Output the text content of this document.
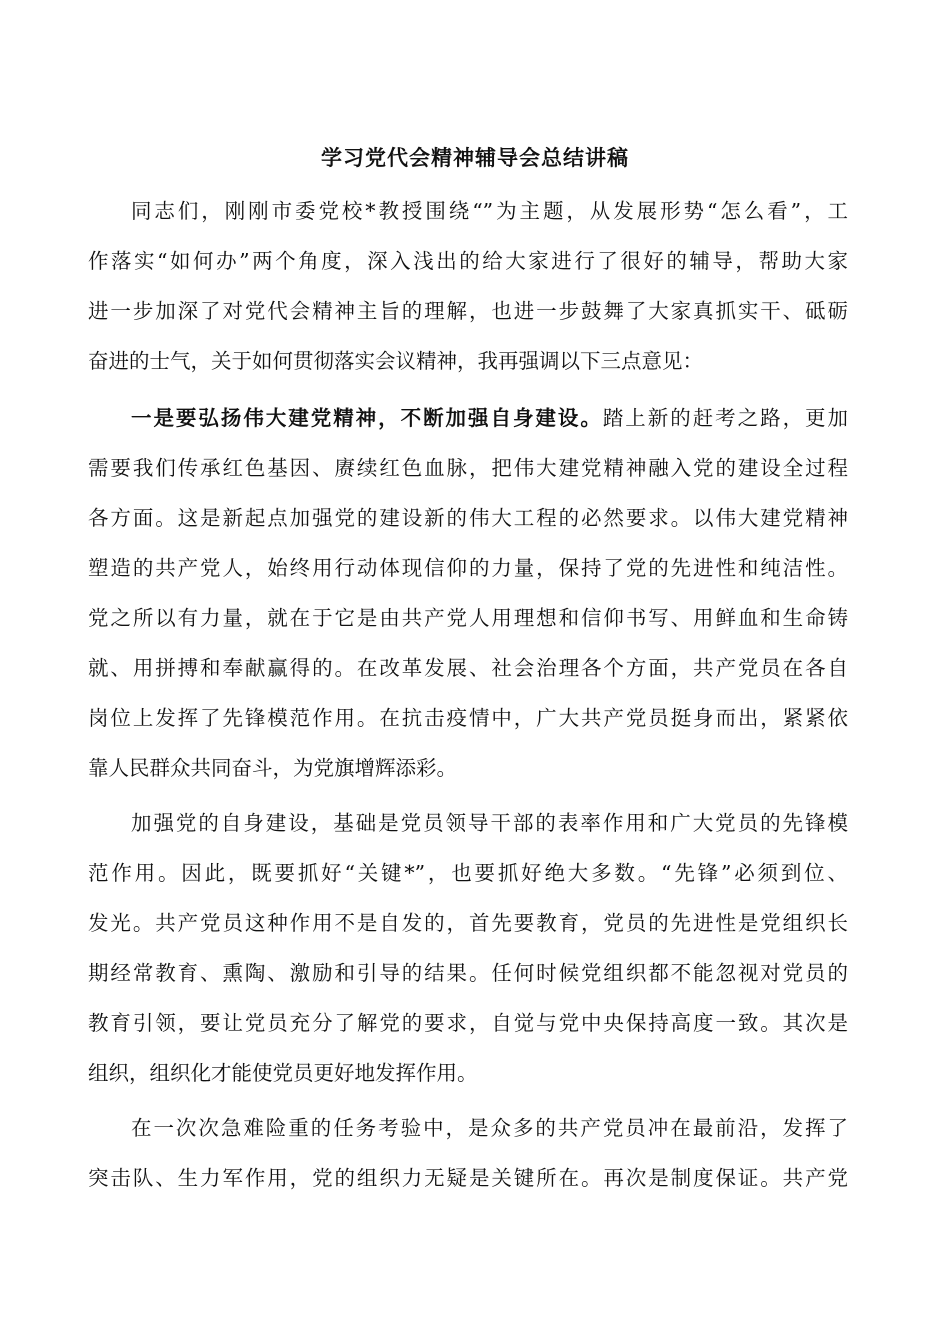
学习党代会精神辅导会总结讲稿
同志们，刚刚市委党校*教授围绕“”为主题，从发展形势“怎么看”，工
作落实“如何办”两个角度，深入浅出的给大家进行了很好的辅导，帮助大家
进一步加深了对党代会精神主旨的理解，也进一步鼓舞了大家真抓实干、砥砺
奋进的士气，关于如何贯彻落实会议精神，我再强调以下三点意见：
一是要弘扬伟大建党精神，不断加强自身建设。踏上新的赶考之路，更加
需要我们传承红色基因、赓续红色血脉，把伟大建党精神融入党的建设全过程
各方面。这是新起点加强党的建设新的伟大工程的必然要求。以伟大建党精神
塑造的共产党人，始终用行动体现信仰的力量，保持了党的先进性和纯洁性。
党之所以有力量，就在于它是由共产党人用理想和信仰书写、用鲜血和生命铸
就、用拼搏和奉献赢得的。在改革发展、社会治理各个方面，共产党员在各自
岗位上发挥了先锋模范作用。在抗击疫情中，广大共产党员挺身而出，紧紧依
靠人民群众共同奋斗，为党旗增辉添彩。
加强党的自身建设，基础是党员领导干部的表率作用和广大党员的先锋模
范作用。因此，既要抓好“关键*”，也要抓好绝大多数。“先锋”必须到位、
发光。共产党员这种作用不是自发的，首先要教育，党员的先进性是党组织长
期经常教育、熏陶、激励和引导的结果。任何时候党组织都不能忽视对党员的
教育引领，要让党员充分了解党的要求，自觉与党中央保持高度一致。其次是
组织，组织化才能使党员更好地发挥作用。
在一次次急难险重的任务考验中，是众多的共产党员冲在最前沿，发挥了
突击队、生力军作用，党的组织力无疑是关键所在。再次是制度保证。共产党
